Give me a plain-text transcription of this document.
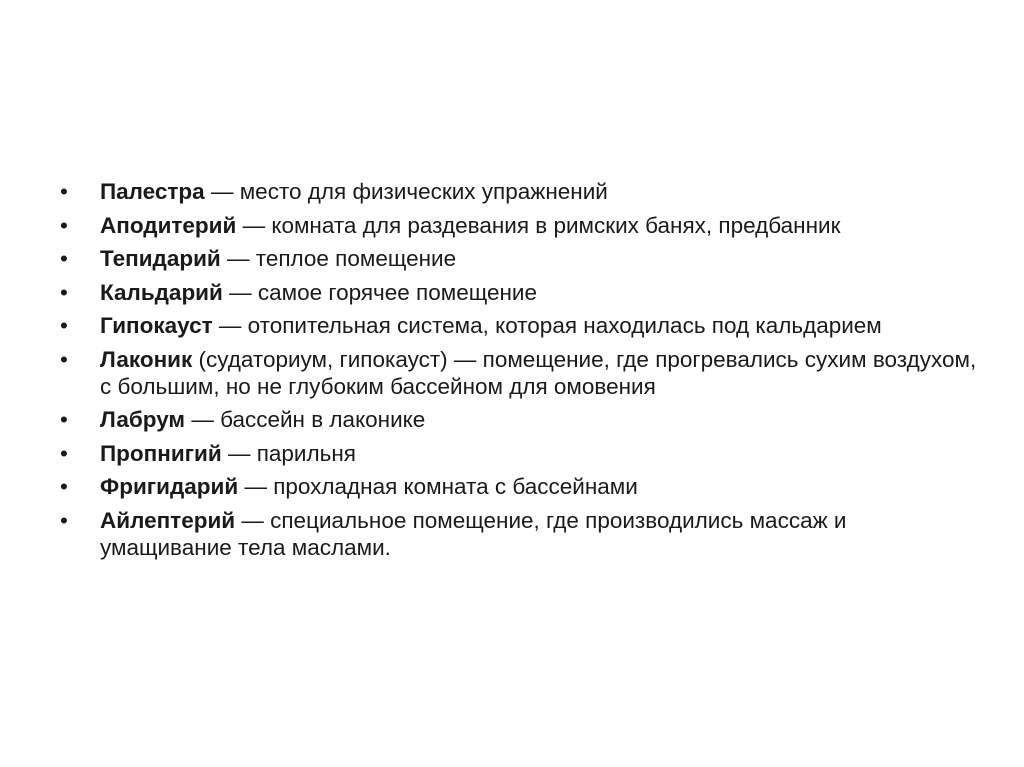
•	Палестра — место для физических упражнений
•	Аподитерий — комната для раздевания в римских банях, предбанник
•	Тепидарий — теплое помещение
•	Кальдарий — самое горячее помещение
•	Гипокауст — отопительная система, которая находилась под кальдарием
•	Лаконик (судаториум, гипокауст) — помещение, где прогревались сухим воздухом, с большим, но не глубоким бассейном для омовения
•	Лабрум — бассейн в лаконике
•	Пропнигий — парильня
•	Фригидарий — прохладная комната с бассейнами
•	Айлептерий — специальное помещение, где производились массаж и умащивание тела маслами.
